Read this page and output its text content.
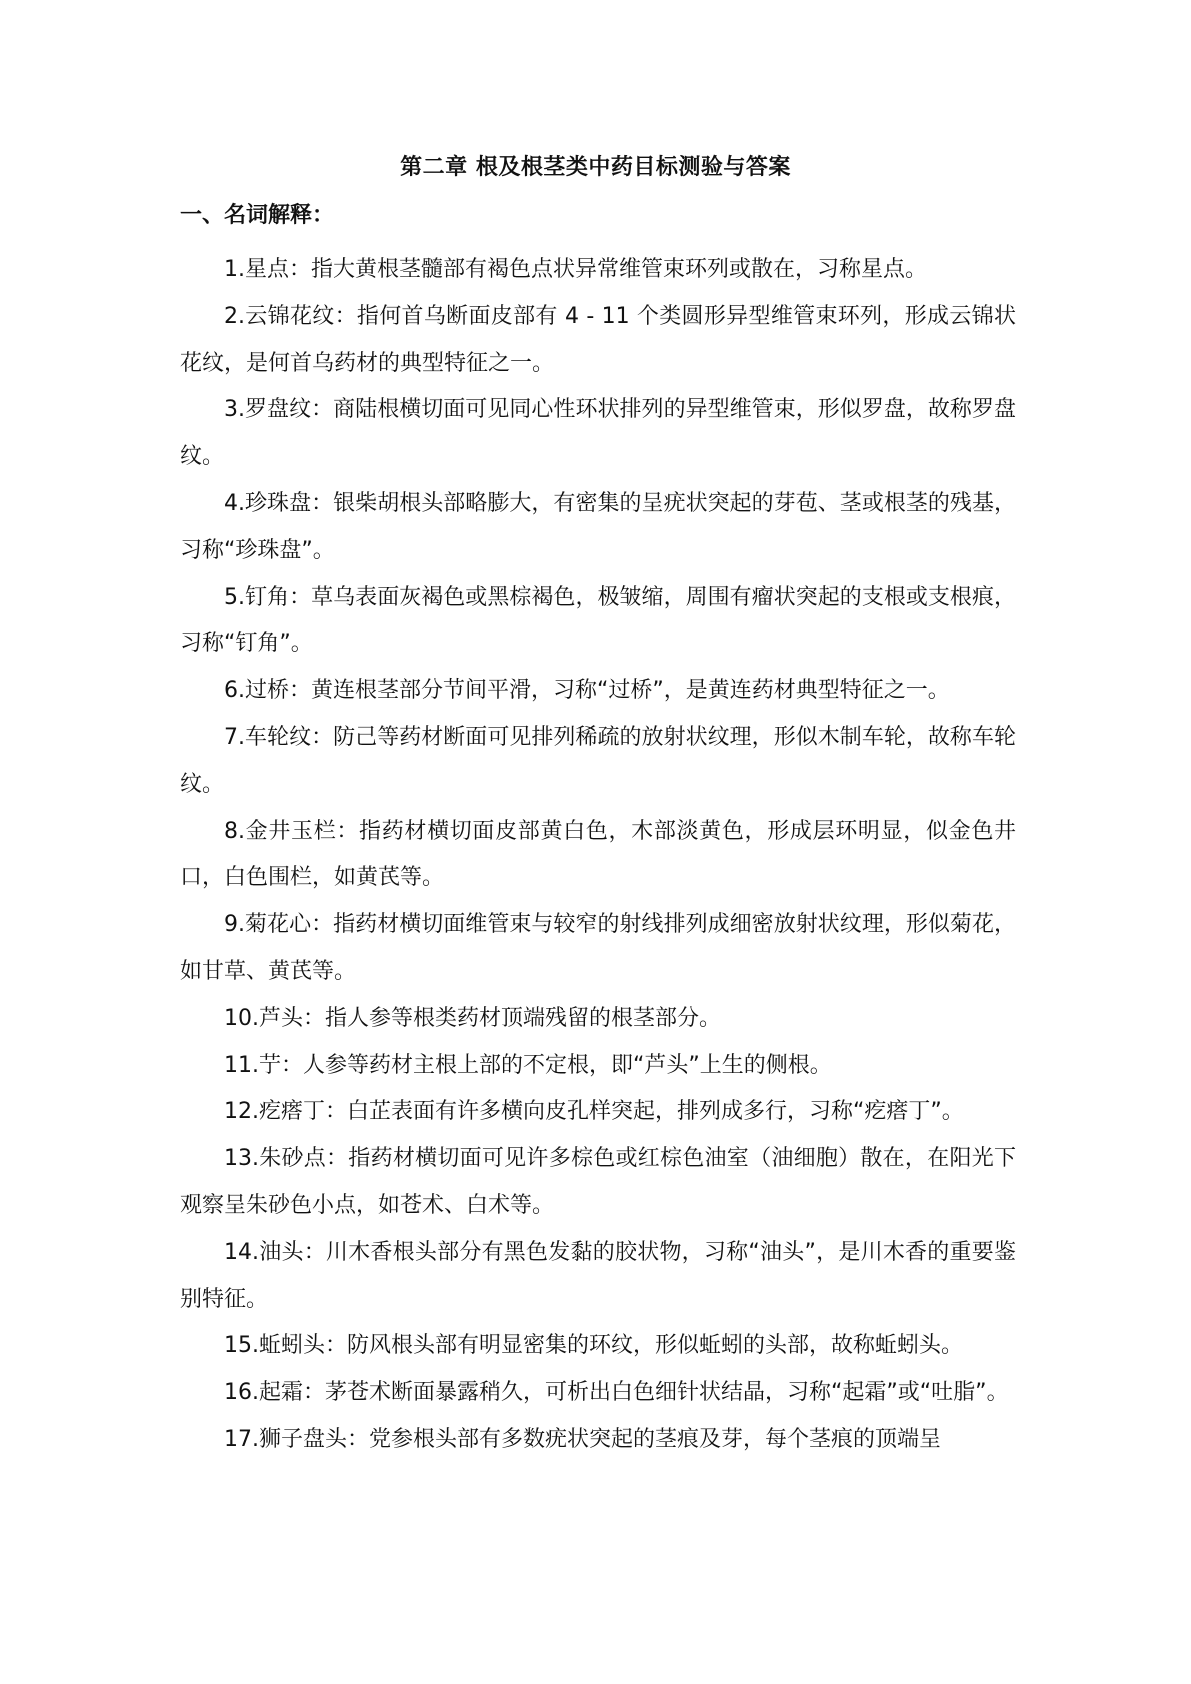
第二章 根及根茎类中药目标测验与答案
一、名词解释：

1.星点：指大黄根茎髓部有褐色点状异常维管束环列或散在，习称星点。

2.云锦花纹：指何首乌断面皮部有 4 - 11 个类圆形异型维管束环列，形成云锦状花纹，是何首乌药材的典型特征之一。

3.罗盘纹：商陆根横切面可见同心性环状排列的异型维管束，形似罗盘，故称罗盘纹。

4.珍珠盘：银柴胡根头部略膨大，有密集的呈疣状突起的芽苞、茎或根茎的残基，习称“珍珠盘”。

5.钉角：草乌表面灰褐色或黑棕褐色，极皱缩，周围有瘤状突起的支根或支根痕，习称“钉角”。

6.过桥：黄连根茎部分节间平滑，习称“过桥”，是黄连药材典型特征之一。

7.车轮纹：防己等药材断面可见排列稀疏的放射状纹理，形似木制车轮，故称车轮纹。

8.金井玉栏：指药材横切面皮部黄白色，木部淡黄色，形成层环明显，似金色井口，白色围栏，如黄芪等。

9.菊花心：指药材横切面维管束与较窄的射线排列成细密放射状纹理，形似菊花，如甘草、黄芪等。

10.芦头：指人参等根类药材顶端残留的根茎部分。

11.艼：人参等药材主根上部的不定根，即“芦头”上生的侧根。

12.疙瘩丁：白芷表面有许多横向皮孔样突起，排列成多行，习称“疙瘩丁”。

13.朱砂点：指药材横切面可见许多棕色或红棕色油室（油细胞）散在，在阳光下观察呈朱砂色小点，如苍术、白术等。

14.油头：川木香根头部分有黑色发黏的胶状物，习称“油头”，是川木香的重要鉴别特征。

15.蚯蚓头：防风根头部有明显密集的环纹，形似蚯蚓的头部，故称蚯蚓头。

16.起霜：茅苍术断面暴露稍久，可析出白色细针状结晶，习称“起霜”或“吐脂”。

17.狮子盘头：党参根头部有多数疣状突起的茎痕及芽，每个茎痕的顶端呈
